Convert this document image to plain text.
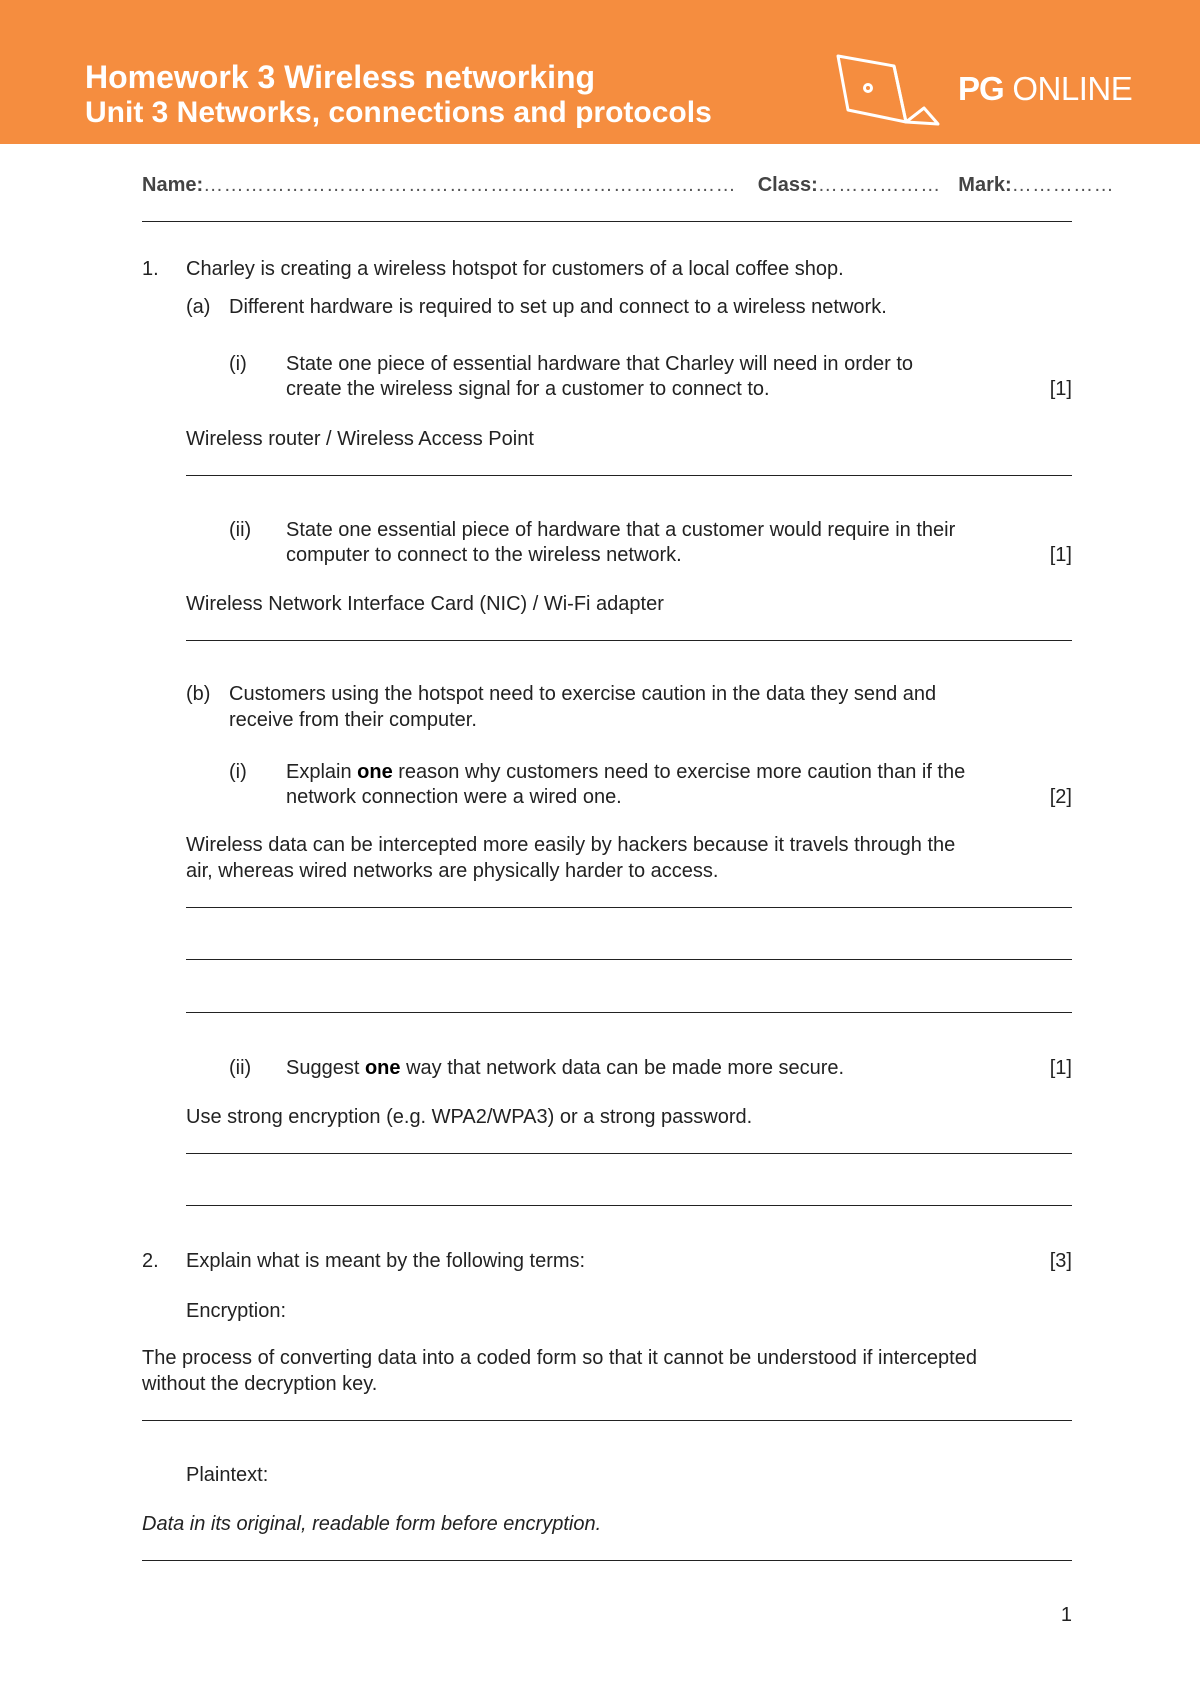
Homework 3 Wireless networking
Unit 3 Networks, connections and protocols
PG ONLINE
Name:…………………………………………………………………… Class:……………… Mark:……………
1. Charley is creating a wireless hotspot for customers of a local coffee shop.
(a) Different hardware is required to set up and connect to a wireless network.
(i) State one piece of essential hardware that Charley will need in order to
create the wireless signal for a customer to connect to.	[1]
Wireless router / Wireless Access Point
(ii) State one essential piece of hardware that a customer would require in their
computer to connect to the wireless network.	[1]
Wireless Network Interface Card (NIC) / Wi-Fi adapter
(b) Customers using the hotspot need to exercise caution in the data they send and
receive from their computer.
(i) Explain one reason why customers need to exercise more caution than if the
network connection were a wired one.	[2]
Wireless data can be intercepted more easily by hackers because it travels through the
air, whereas wired networks are physically harder to access.
(ii) Suggest one way that network data can be made more secure.	[1]
Use strong encryption (e.g. WPA2/WPA3) or a strong password.
2. Explain what is meant by the following terms:	[3]
Encryption:
The process of converting data into a coded form so that it cannot be understood if intercepted
without the decryption key.
Plaintext:
Data in its original, readable form before encryption.
1
